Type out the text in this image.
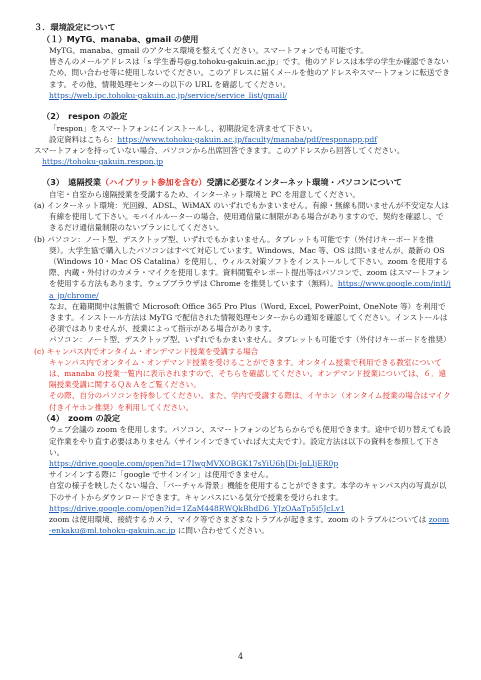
３．環境設定について

（１）MyTG、manaba、gmail の使用

MyTG、manaba、gmail のアクセス環境を整えてください。スマートフォンでも可能です。

皆さんのメールアドレスは「s 学生番号@g.tohoku-gakuin.ac.jp」です。他のアドレスは本学の学生か確認できないため、問い合わせ等に使用しないでください。このアドレスに届くメールを他のアドレスやスマートフォンに転送できます。その他、情報処理センターの以下の URL を確認してください。

https://web.ipc.tohoku-gakuin.ac.jp/service/service_list/gmail/

（2）　respon の設定

「respon」をスマートフォンにインストールし、初期設定を済ませて下さい。

設定資料はこちら：https://www.tohoku-gakuin.ac.jp/faculty/manaba/pdf/responapp.pdf

スマートフォンを持っていない場合、パソコンから出席回答できます。このアドレスから回答してください。

https://tohoku-gakuin.respon.jp

（3）　遠隔授業（ハイブリット参加を含む）受講に必要なインターネット環境・パソコンについて

自宅・自室から遠隔授業を受講するため、インターネット環境と PC を用意してください。

(a) インターネット環境：光回線、ADSL、WiMAX のいずれでもかまいません。有線・無線も問いませんが不安定な人は有線を使用して下さい。モバイルルーターの場合、使用通信量に制限がある場合がありますので、契約を確認し、できるだけ通信量制限のないプランにしてください。

(b) パソコン：ノート型、デスクトップ型、いずれでもかまいません。タブレットも可能です（外付けキーボードを推奨）。大学生協で購入したパソコンはすべて対応しています。Windows、Mac 等、OS は問いませんが、最新の OS（Windows 10・Mac OS Catalina）を使用し、ウィルス対策ソフトをインストールして下さい。zoom を使用する際、内蔵・外付けのカメラ・マイクを使用します。資料閲覧やレポート提出等はパソコンで、zoom はスマートフォンを使用する方法もあります。ウェブブラウザは Chrome を推奨しています（無料）。https://www.google.com/intl/ja_jp/chrome/

なお、在籍期間中は無償で Microsoft Office 365 Pro Plus（Word, Excel, PowerPoint, OneNote 等）を利用できます。インストール方法は MyTG で配信された情報処理センターからの通知を確認してください。インストールは必須ではありませんが、授業によって指示がある場合があります。

パソコン：ノート型、デスクトップ型、いずれでもかまいません。タブレットも可能です（外付けキーボードを推奨）

(c) キャンパス内でオンタイム・オンデマンド授業を受講する場合

キャンパス内でオンタイム・オンデマンド授業を受けることができます。オンタイム授業で利用できる教室については、manaba の授業一覧内に表示されますので、そちらを確認してください。オンデマンド授業については、６．遠隔授業受講に関するＱ＆Ａをご覧ください。

その際、自分のパソコンを持参してください。また、学内で受講する際は、イヤホン（オンタイム授業の場合はマイク付きイヤホン推奨）を利用してください。

（4）　zoom の設定

ウェブ会議の zoom を使用します。パソコン、スマートフォンのどちらからでも使用できます。途中で切り替えても設定作業をやり直す必要はありません（サインインできていれば大丈夫です）。設定方法は以下の資料を参照して下さい。

https://drive.google.com/open?id=17IwgMVXOBGK17sYiU6hJDi-JoLIjER0p

サインインする際に「google でサインイン」は使用できません。

自室の様子を映したくない場合、「バーチャル背景」機能を使用することができます。本学のキャンパス内の写真が以下のサイトからダウンロードできます。キャンパスにいる気分で授業を受けられます。

https://drive.google.com/open?id=1ZaM448RWQkBhdD6_YJzOAaTp5i5JcLv1

zoom は使用環境、接続するカメラ、マイク等でさまざまなトラブルが起きます。zoom のトラブルについては zoom-enkaku@ml.tohoku-gakuin.ac.jp に問い合わせてください。

4
